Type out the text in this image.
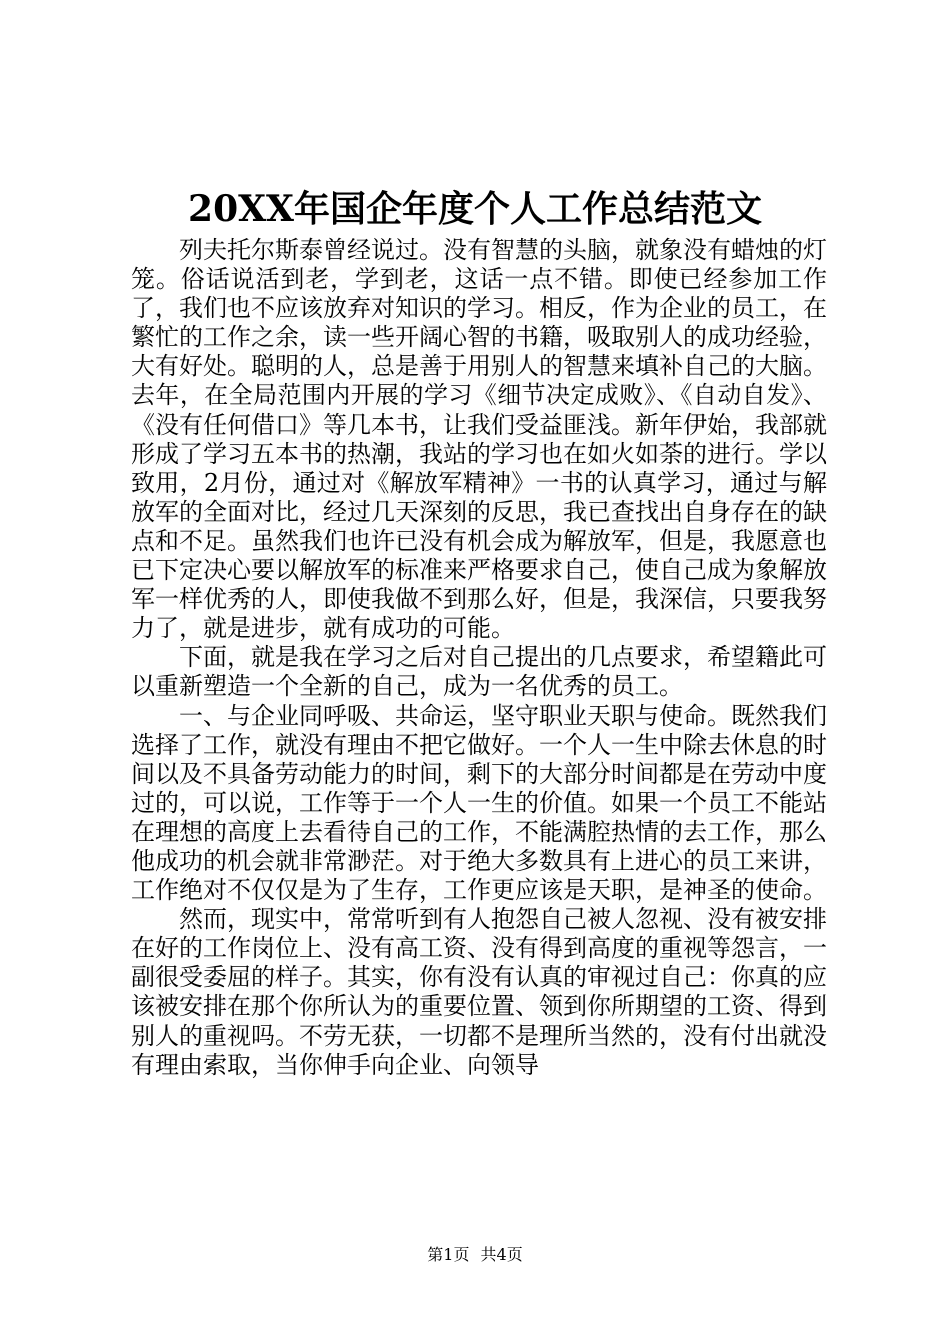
20XX年国企年度个人工作总结范文

列夫托尔斯泰曾经说过。没有智慧的头脑，就象没有蜡烛的灯笼。俗话说活到老，学到老，这话一点不错。即使已经参加工作了，我们也不应该放弃对知识的学习。相反，作为企业的员工，在繁忙的工作之余，读一些开阔心智的书籍，吸取别人的成功经验，大有好处。聪明的人，总是善于用别人的智慧来填补自己的大脑。去年，在全局范围内开展的学习《细节决定成败》、《自动自发》、《没有任何借口》等几本书，让我们受益匪浅。新年伊始，我部就形成了学习五本书的热潮，我站的学习也在如火如荼的进行。学以致用，2月份，通过对《解放军精神》一书的认真学习，通过与解放军的全面对比，经过几天深刻的反思，我已查找出自身存在的缺点和不足。虽然我们也许已没有机会成为解放军，但是，我愿意也已下定决心要以解放军的标准来严格要求自己，使自己成为象解放军一样优秀的人，即使我做不到那么好，但是，我深信，只要我努力了，就是进步，就有成功的可能。

下面，就是我在学习之后对自己提出的几点要求，希望籍此可以重新塑造一个全新的自己，成为一名优秀的员工。

一、与企业同呼吸、共命运，坚守职业天职与使命。既然我们选择了工作，就没有理由不把它做好。一个人一生中除去休息的时间以及不具备劳动能力的时间，剩下的大部分时间都是在劳动中度过的，可以说，工作等于一个人一生的价值。如果一个员工不能站在理想的高度上去看待自己的工作，不能满腔热情的去工作，那么他成功的机会就非常渺茫。对于绝大多数具有上进心的员工来讲，工作绝对不仅仅是为了生存，工作更应该是天职，是神圣的使命。

然而，现实中，常常听到有人抱怨自己被人忽视、没有被安排在好的工作岗位上、没有高工资、没有得到高度的重视等怨言，一副很受委屈的样子。其实，你有没有认真的审视过自己：你真的应该被安排在那个你所认为的重要位置、领到你所期望的工资、得到别人的重视吗。不劳无获，一切都不是理所当然的，没有付出就没有理由索取，当你伸手向企业、向领导

第1页 共4页
